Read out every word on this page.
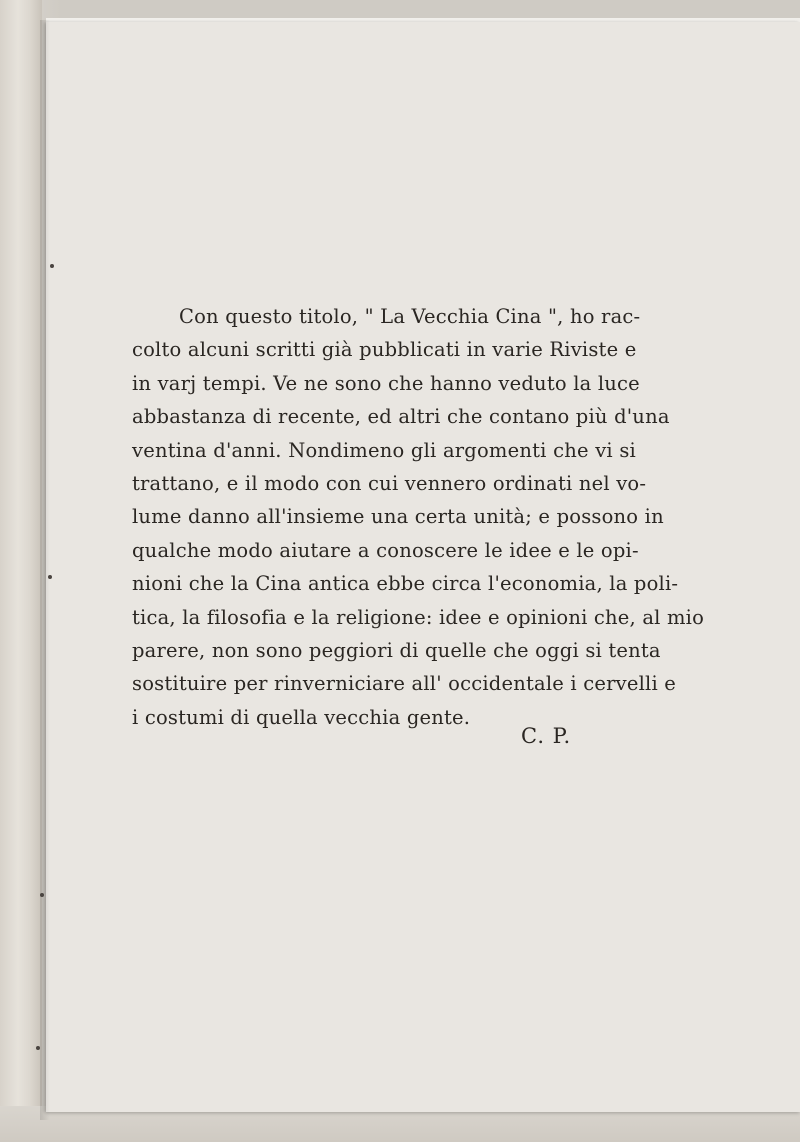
Con questo titolo, " La Vecchia Cina ", ho rac-
colto alcuni scritti già pubblicati in varie Riviste e
in varj tempi. Ve ne sono che hanno veduto la luce
abbastanza di recente, ed altri che contano più d'una
ventina d'anni. Nondimeno gli argomenti che vi si
trattano, e il modo con cui vennero ordinati nel vo-
lume danno all'insieme una certa unità; e possono in
qualche modo aiutare a conoscere le idee e le opi-
nioni che la Cina antica ebbe circa l'economia, la poli-
tica, la filosofia e la religione: idee e opinioni che, al mio
parere, non sono peggiori di quelle che oggi si tenta
sostituire per rinverniciare all' occidentale i cervelli e
i costumi di quella vecchia gente.
C. P.
